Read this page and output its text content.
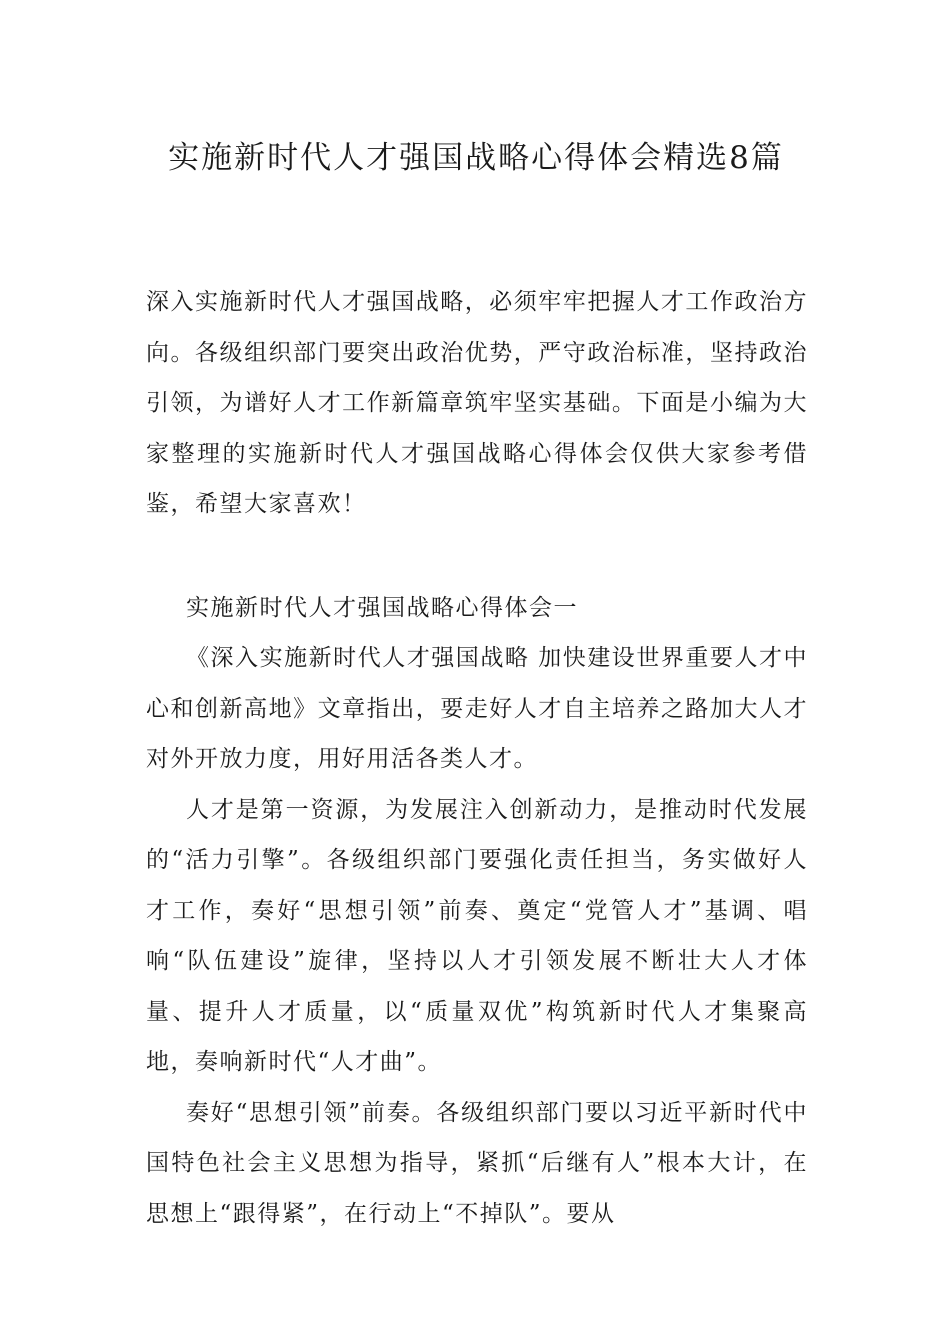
实施新时代人才强国战略心得体会精选8篇

深入实施新时代人才强国战略，必须牢牢把握人才工作政治方向。各级组织部门要突出政治优势，严守政治标准，坚持政治引领，为谱好人才工作新篇章筑牢坚实基础。下面是小编为大家整理的实施新时代人才强国战略心得体会仅供大家参考借鉴，希望大家喜欢！

实施新时代人才强国战略心得体会一

《深入实施新时代人才强国战略 加快建设世界重要人才中心和创新高地》文章指出，要走好人才自主培养之路加大人才对外开放力度，用好用活各类人才。

人才是第一资源，为发展注入创新动力，是推动时代发展的“活力引擎”。各级组织部门要强化责任担当，务实做好人才工作，奏好“思想引领”前奏、奠定“党管人才”基调、唱响“队伍建设”旋律，坚持以人才引领发展不断壮大人才体量、提升人才质量，以“质量双优”构筑新时代人才集聚高地，奏响新时代“人才曲”。

奏好“思想引领”前奏。各级组织部门要以习近平新时代中国特色社会主义思想为指导，紧抓“后继有人”根本大计，在思想上“跟得紧”，在行动上“不掉队”。要从
